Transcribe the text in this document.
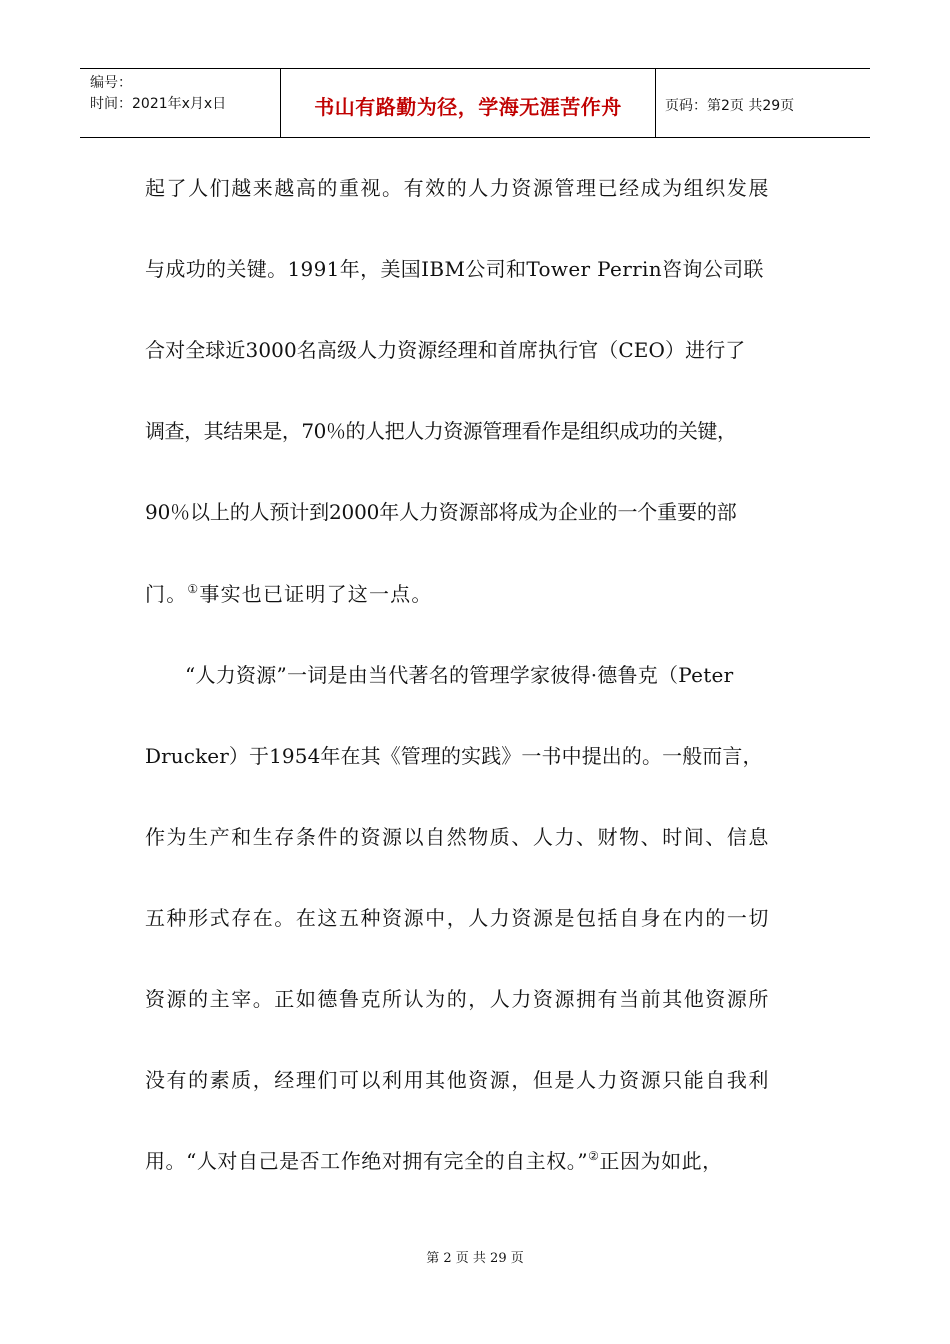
编号：
时间：2021年x月x日	书山有路勤为径，学海无涯苦作舟	页码：第2页 共29页
起了人们越来越高的重视。有效的人力资源管理已经成为组织发展
与成功的关键。1991年，美国IBM公司和Tower Perrin咨询公司联
合对全球近3000名高级人力资源经理和首席执行官（CEO）进行了
调查，其结果是，70％的人把人力资源管理看作是组织成功的关键，
90％以上的人预计到2000年人力资源部将成为企业的一个重要的部
门。①事实也已证明了这一点。
“人力资源”一词是由当代著名的管理学家彼得·德鲁克（Peter
Drucker）于1954年在其《管理的实践》一书中提出的。一般而言，
作为生产和生存条件的资源以自然物质、人力、财物、时间、信息
五种形式存在。在这五种资源中，人力资源是包括自身在内的一切
资源的主宰。正如德鲁克所认为的，人力资源拥有当前其他资源所
没有的素质，经理们可以利用其他资源，但是人力资源只能自我利
用。“人对自己是否工作绝对拥有完全的自主权。”②正因为如此，
第 2 页 共 29 页
